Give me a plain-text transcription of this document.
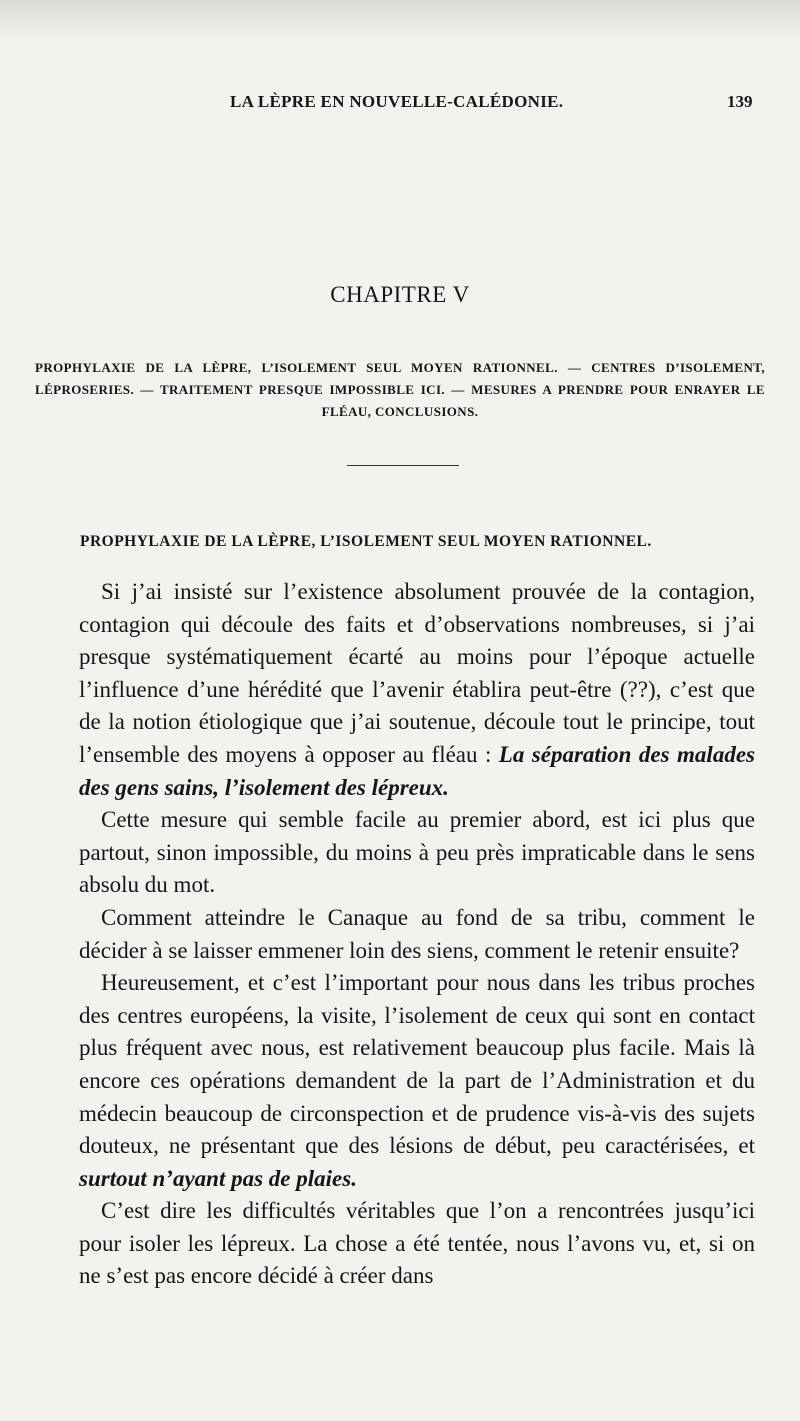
LA LÈPRE EN NOUVELLE-CALÉDONIE.	139
CHAPITRE V
PROPHYLAXIE DE LA LÈPRE, L’ISOLEMENT SEUL MOYEN RATIONNEL. — CENTRES D’ISOLEMENT, LÉPROSERIES. — TRAITEMENT PRESQUE IMPOSSIBLE ICI. — MESURES A PRENDRE POUR ENRAYER LE FLÉAU, CONCLUSIONS.
PROPHYLAXIE DE LA LÈPRE, L’ISOLEMENT SEUL MOYEN RATIONNEL.

Si j’ai insisté sur l’existence absolument prouvée de la contagion, contagion qui découle des faits et d’observations nombreuses, si j’ai presque systématiquement écarté au moins pour l’époque actuelle l’influence d’une hérédité que l’avenir établira peut-être (??), c’est que de la notion étiologique que j’ai soutenue, découle tout le principe, tout l’ensemble des moyens à opposer au fléau : La séparation des malades des gens sains, l’isolement des lépreux.

Cette mesure qui semble facile au premier abord, est ici plus que partout, sinon impossible, du moins à peu près impraticable dans le sens absolu du mot.

Comment atteindre le Canaque au fond de sa tribu, comment le décider à se laisser emmener loin des siens, comment le retenir ensuite?

Heureusement, et c’est l’important pour nous dans les tribus proches des centres européens, la visite, l’isolement de ceux qui sont en contact plus fréquent avec nous, est relativement beaucoup plus facile. Mais là encore ces opérations demandent de la part de l’Administration et du médecin beaucoup de circonspection et de prudence vis-à-vis des sujets douteux, ne présentant que des lésions de début, peu caractérisées, et surtout n’ayant pas de plaies.

C’est dire les difficultés véritables que l’on a rencontrées jusqu’ici pour isoler les lépreux. La chose a été tentée, nous l’avons vu, et, si on ne s’est pas encore décidé à créer dans
